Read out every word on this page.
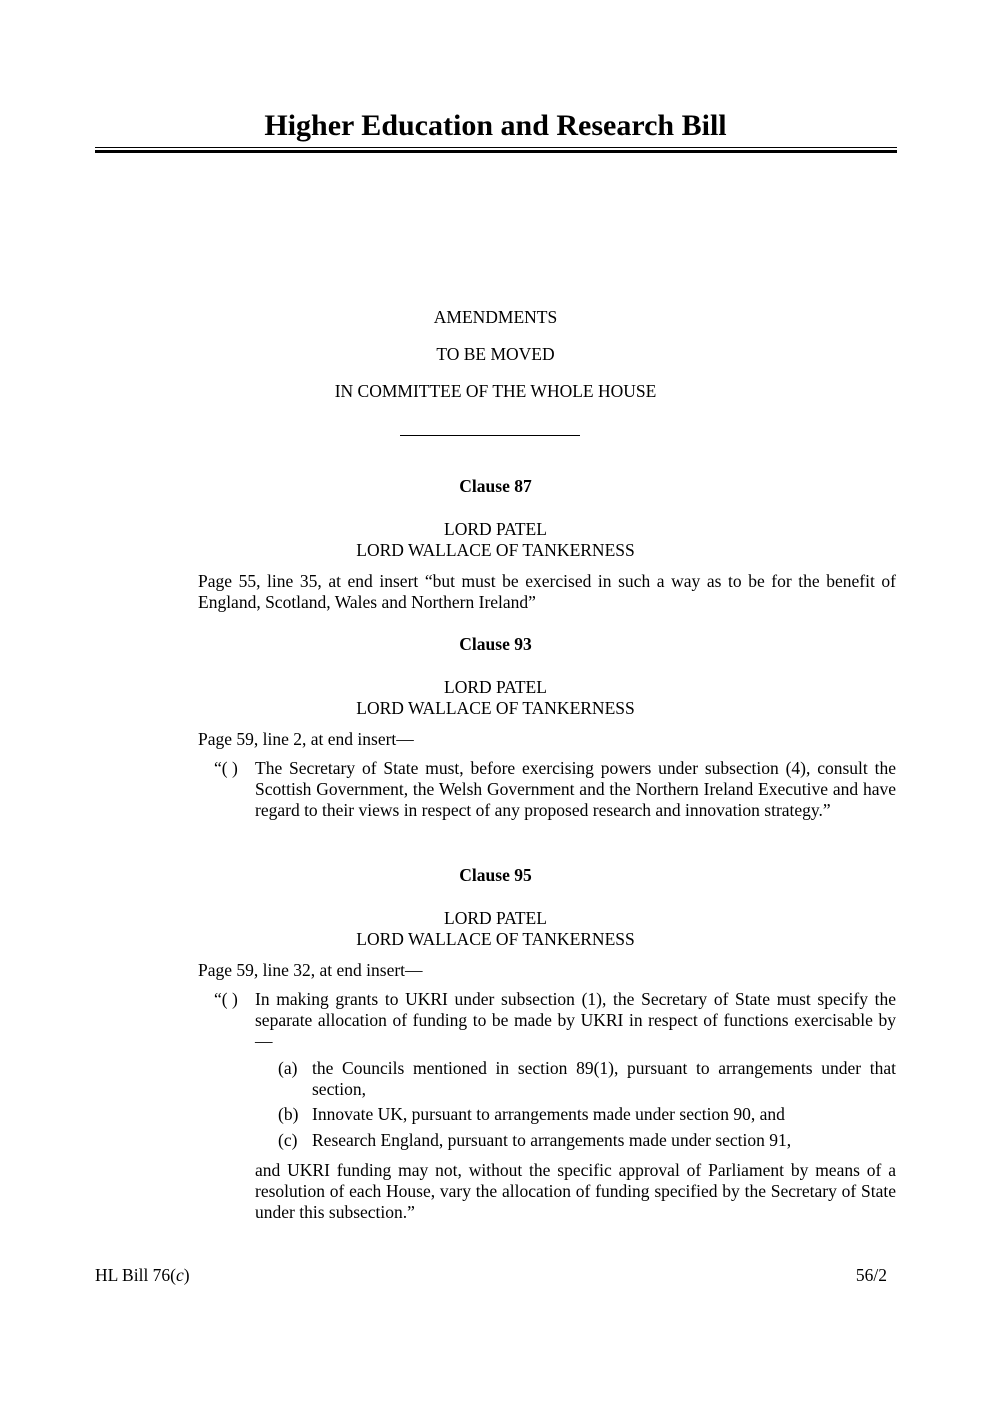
Higher Education and Research Bill
AMENDMENTS
TO BE MOVED
IN COMMITTEE OF THE WHOLE HOUSE
Clause 87
LORD PATEL
LORD WALLACE OF TANKERNESS
Page 55, line 35, at end insert “but must be exercised in such a way as to be for the benefit of England, Scotland, Wales and Northern Ireland”
Clause 93
LORD PATEL
LORD WALLACE OF TANKERNESS
Page 59, line 2, at end insert—
“( ) The Secretary of State must, before exercising powers under subsection (4), consult the Scottish Government, the Welsh Government and the Northern Ireland Executive and have regard to their views in respect of any proposed research and innovation strategy.”
Clause 95
LORD PATEL
LORD WALLACE OF TANKERNESS
Page 59, line 32, at end insert—
“( ) In making grants to UKRI under subsection (1), the Secretary of State must specify the separate allocation of funding to be made by UKRI in respect of functions exercisable by—
(a) the Councils mentioned in section 89(1), pursuant to arrangements under that section,
(b) Innovate UK, pursuant to arrangements made under section 90, and
(c) Research England, pursuant to arrangements made under section 91,
and UKRI funding may not, without the specific approval of Parliament by means of a resolution of each House, vary the allocation of funding specified by the Secretary of State under this subsection.”
HL Bill 76(c)	56/2
